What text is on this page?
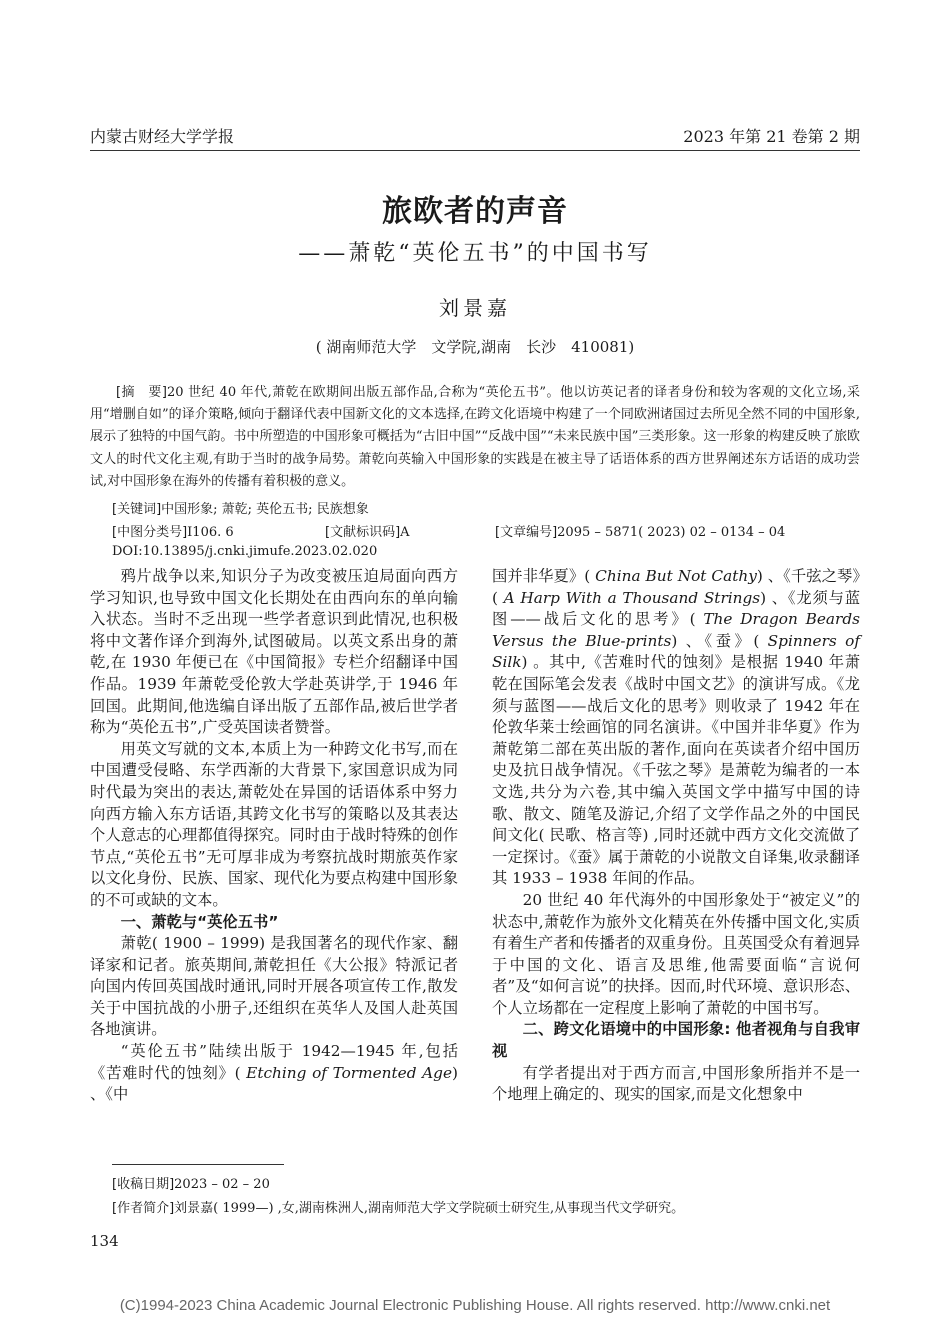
内蒙古财经大学学报	2023 年第 21 卷第 2 期
旅欧者的声音
——萧乾“英伦五书”的中国书写
刘景嘉
( 湖南师范大学　文学院,湖南　长沙　410081)
[摘　要]20 世纪 40 年代,萧乾在欧期间出版五部作品,合称为“英伦五书”。他以访英记者的译者身份和较为客观的文化立场,采用“增删自如”的译介策略,倾向于翻译代表中国新文化的文本选择,在跨文化语境中构建了一个同欧洲诸国过去所见全然不同的中国形象,展示了独特的中国气韵。书中所塑造的中国形象可概括为“古旧中国”“反战中国”“未来民族中国”三类形象。这一形象的构建反映了旅欧文人的时代文化主观,有助于当时的战争局势。萧乾向英输入中国形象的实践是在被主导了话语体系的西方世界阐述东方话语的成功尝试,对中国形象在海外的传播有着积极的意义。
[关键词]中国形象; 萧乾; 英伦五书; 民族想象
[中图分类号]I106. 6	[文献标识码]A	[文章编号]2095 – 5871( 2023) 02 – 0134 – 04
DOI:10.13895/j.cnki.jimufe.2023.02.020

鸦片战争以来,知识分子为改变被压迫局面向西方学习知识,也导致中国文化长期处在由西向东的单向输入状态。当时不乏出现一些学者意识到此情况,也积极将中文著作译介到海外,试图破局。以英文系出身的萧乾,在 1930 年便已在《中国简报》专栏介绍翻译中国作品。1939 年萧乾受伦敦大学赴英讲学,于 1946 年回国。此期间,他选编自译出版了五部作品,被后世学者称为“英伦五书”,广受英国读者赞誉。

用英文写就的文本,本质上为一种跨文化书写,而在中国遭受侵略、东学西渐的大背景下,家国意识成为同时代最为突出的表达,萧乾处在异国的话语体系中努力向西方输入东方话语,其跨文化书写的策略以及其表达个人意志的心理都值得探究。同时由于战时特殊的创作节点,“英伦五书”无可厚非成为考察抗战时期旅英作家以文化身份、民族、国家、现代化为要点构建中国形象的不可或缺的文本。

一、萧乾与“英伦五书”

萧乾( 1900 – 1999) 是我国著名的现代作家、翻译家和记者。旅英期间,萧乾担任《大公报》特派记者向国内传回英国战时通讯,同时开展各项宣传工作,散发关于中国抗战的小册子,还组织在英华人及国人赴英国各地演讲。

“英伦五书”陆续出版于 1942—1945 年,包括《苦难时代的蚀刻》( Etching of Tormented Age) 、《中

国并非华夏》( China But Not Cathy) 、《千弦之琴》( A Harp With a Thousand Strings) 、《龙须与蓝图——战后文化的思考》( The Dragon Beards Versus the Blue-prints) 、《蚕》( Spinners of Silk) 。其中,《苦难时代的蚀刻》是根据 1940 年萧乾在国际笔会发表《战时中国文艺》的演讲写成。《龙须与蓝图——战后文化的思考》则收录了 1942 年在伦敦华莱士绘画馆的同名演讲。《中国并非华夏》作为萧乾第二部在英出版的著作,面向在英读者介绍中国历史及抗日战争情况。《千弦之琴》是萧乾为编者的一本文选,共分为六卷,其中编入英国文学中描写中国的诗歌、散文、随笔及游记,介绍了文学作品之外的中国民间文化( 民歌、格言等) ,同时还就中西方文化交流做了一定探讨。《蚕》属于萧乾的小说散文自译集,收录翻译其 1933 – 1938 年间的作品。

20 世纪 40 年代海外的中国形象处于“被定义”的状态中,萧乾作为旅外文化精英在外传播中国文化,实质有着生产者和传播者的双重身份。且英国受众有着迥异于中国的文化、语言及思维,他需要面临“言说何者”及“如何言说”的抉择。因而,时代环境、意识形态、个人立场都在一定程度上影响了萧乾的中国书写。

二、跨文化语境中的中国形象: 他者视角与自我审视

有学者提出对于西方而言,中国形象所指并不是一个地理上确定的、现实的国家,而是文化想象中

[收稿日期]2023 – 02 – 20
[作者简介]刘景嘉( 1999—) ,女,湖南株洲人,湖南师范大学文学院硕士研究生,从事现当代文学研究。
134
(C)1994-2023 China Academic Journal Electronic Publishing House. All rights reserved. http://www.cnki.net
